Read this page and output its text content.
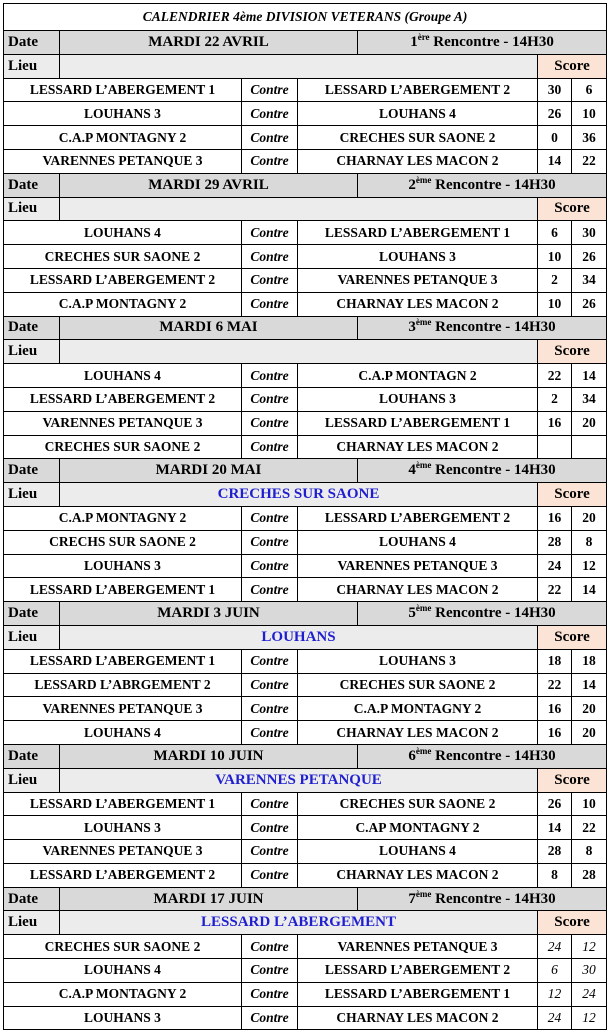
CALENDRIER 4ème DIVISION VETERANS (Groupe A)						
Date	MARDI 22 AVRIL			1ère Rencontre - 14H30		
Lieu					Score	
LESSARD L’ABERGEMENT 1		Contre	LESSARD L’ABERGEMENT 2		30	6
LOUHANS 3		Contre	LOUHANS 4		26	10
C.A.P MONTAGNY 2		Contre	CRECHES SUR SAONE 2		0	36
VARENNES PETANQUE 3		Contre	CHARNAY LES MACON 2		14	22
Date	MARDI 29 AVRIL			2ème Rencontre - 14H30		
Lieu					Score	
LOUHANS 4		Contre	LESSARD L’ABERGEMENT 1		6	30
CRECHES SUR SAONE 2		Contre	LOUHANS 3		10	26
LESSARD L’ABERGEMENT 2		Contre	VARENNES PETANQUE 3		2	34
C.A.P MONTAGNY 2		Contre	CHARNAY LES MACON 2		10	26
Date	MARDI 6 MAI			3ème Rencontre - 14H30		
Lieu					Score	
LOUHANS 4		Contre	C.A.P MONTAGN 2		22	14
LESSARD L’ABERGEMENT 2		Contre	LOUHANS 3		2	34
VARENNES PETANQUE 3		Contre	LESSARD L’ABERGEMENT 1		16	20
CRECHES SUR SAONE 2		Contre	CHARNAY LES MACON 2			
Date	MARDI 20 MAI			4ème Rencontre - 14H30		
Lieu	CRECHES SUR SAONE				Score	
C.A.P MONTAGNY 2		Contre	LESSARD L’ABERGEMENT 2		16	20
CRECHS SUR SAONE 2		Contre	LOUHANS 4		28	8
LOUHANS 3		Contre	VARENNES PETANQUE 3		24	12
LESSARD L’ABERGEMENT 1		Contre	CHARNAY LES MACON 2		22	14
Date	MARDI 3 JUIN			5ème Rencontre - 14H30		
Lieu	LOUHANS				Score	
LESSARD L’ABERGEMENT 1		Contre	LOUHANS 3		18	18
LESSARD L’ABRGEMENT 2		Contre	CRECHES SUR SAONE 2		22	14
VARENNES PETANQUE 3		Contre	C.A.P MONTAGNY 2		16	20
LOUHANS 4		Contre	CHARNAY LES MACON 2		16	20
Date	MARDI 10 JUIN			6ème Rencontre - 14H30		
Lieu	VARENNES PETANQUE				Score	
LESSARD L’ABERGEMENT 1		Contre	CRECHES SUR SAONE 2		26	10
LOUHANS 3		Contre	C.AP MONTAGNY 2		14	22
VARENNES PETANQUE 3		Contre	LOUHANS 4		28	8
LESSARD L’ABERGEMENT 2		Contre	CHARNAY LES MACON 2		8	28
Date	MARDI 17 JUIN			7ème Rencontre - 14H30		
Lieu	LESSARD L’ABERGEMENT				Score	
CRECHES SUR SAONE 2		Contre	VARENNES PETANQUE 3		24	12
LOUHANS 4		Contre	LESSARD L’ABERGEMENT 2		6	30
C.A.P MONTAGNY 2		Contre	LESSARD L’ABERGEMENT 1		12	24
LOUHANS 3		Contre	CHARNAY LES MACON 2		24	12
